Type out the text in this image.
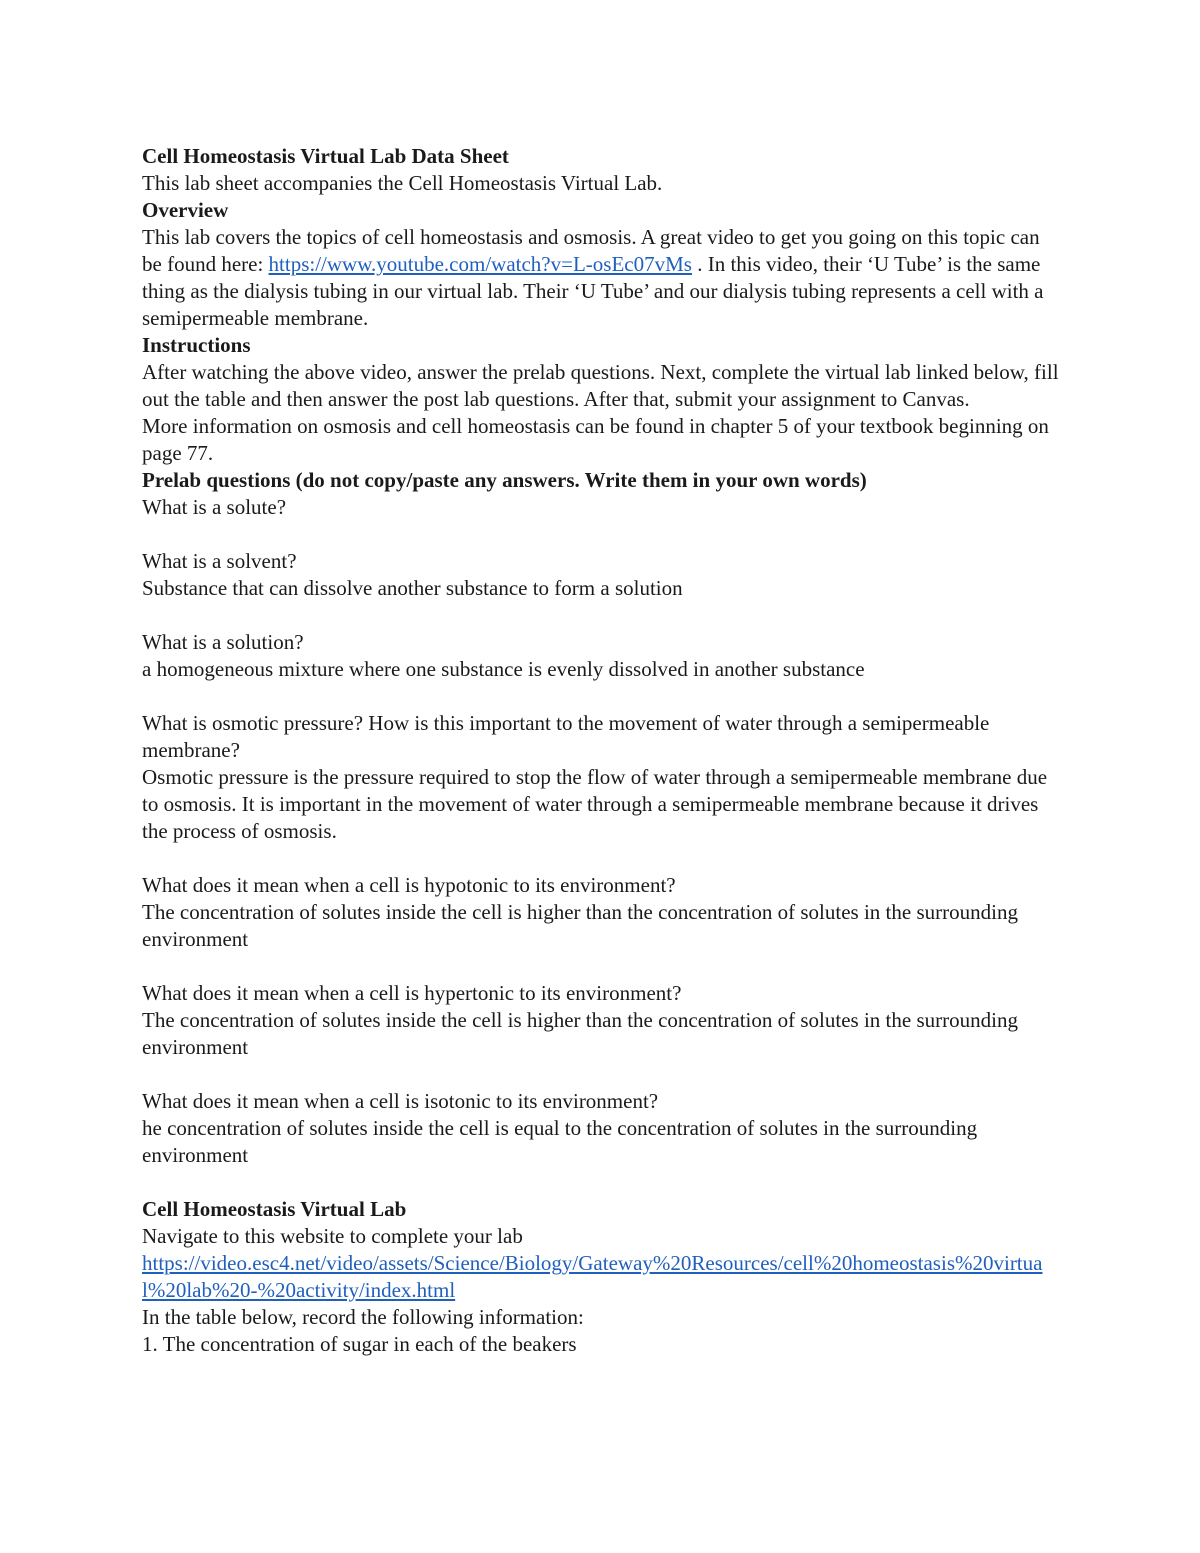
Cell Homeostasis Virtual Lab Data Sheet

This lab sheet accompanies the Cell Homeostasis Virtual Lab.

Overview

This lab covers the topics of cell homeostasis and osmosis. A great video to get you going on this topic can be found here: https://www.youtube.com/watch?v=L-osEc07vMs . In this video, their ‘U Tube’ is the same thing as the dialysis tubing in our virtual lab. Their ‘U Tube’ and our dialysis tubing represents a cell with a semipermeable membrane.

Instructions

After watching the above video, answer the prelab questions. Next, complete the virtual lab linked below, fill out the table and then answer the post lab questions. After that, submit your assignment to Canvas.

More information on osmosis and cell homeostasis can be found in chapter 5 of your textbook beginning on page 77.

Prelab questions (do not copy/paste any answers. Write them in your own words)

What is a solute?

What is a solvent?

Substance that can dissolve another substance to form a solution

What is a solution?

a homogeneous mixture where one substance is evenly dissolved in another substance

What is osmotic pressure? How is this important to the movement of water through a semipermeable membrane?

Osmotic pressure is the pressure required to stop the flow of water through a semipermeable membrane due to osmosis. It is important in the movement of water through a semipermeable membrane because it drives the process of osmosis.

What does it mean when a cell is hypotonic to its environment?

The concentration of solutes inside the cell is higher than the concentration of solutes in the surrounding environment

What does it mean when a cell is hypertonic to its environment?

The concentration of solutes inside the cell is higher than the concentration of solutes in the surrounding environment

What does it mean when a cell is isotonic to its environment?

he concentration of solutes inside the cell is equal to the concentration of solutes in the surrounding environment

Cell Homeostasis Virtual Lab

Navigate to this website to complete your lab

https://video.esc4.net/video/assets/Science/Biology/Gateway%20Resources/cell%20homeostasis%20virtual%20lab%20-%20activity/index.html

In the table below, record the following information:

1. The concentration of sugar in each of the beakers
